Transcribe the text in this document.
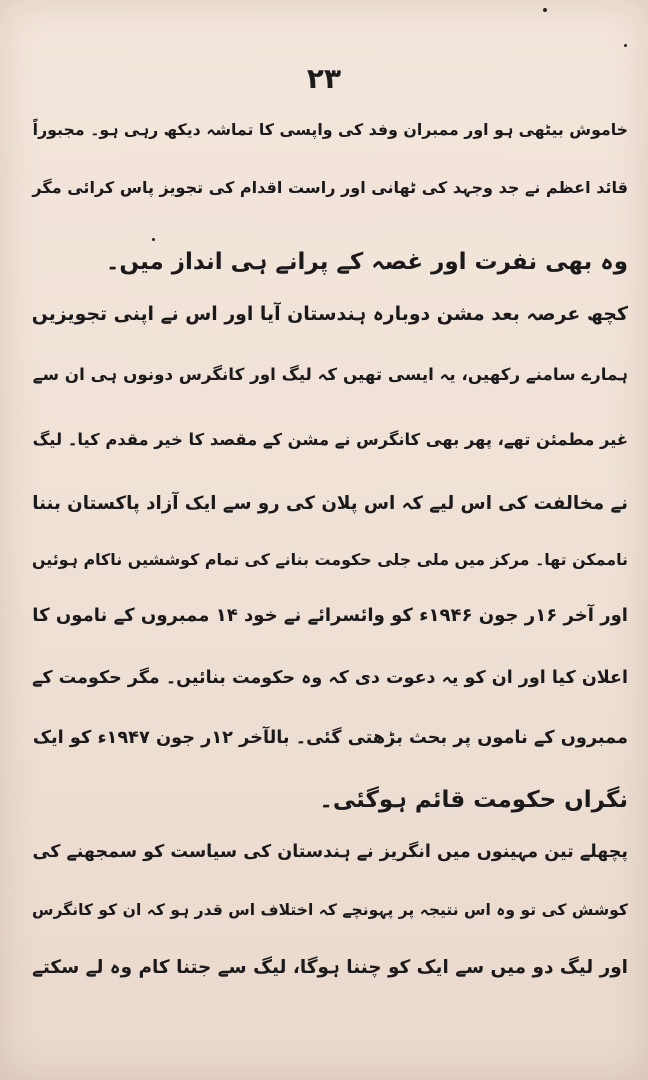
۲۳
خاموش بیٹھی ہو اور ممبران وفد کی واپسی کا تماشہ دیکھ رہی ہو۔ مجبوراً
قائد اعظم نے جد وجہد کی ٹھانی اور راست اقدام کی تجویز پاس کرائی مگر
وہ بھی نفرت اور غصہ کے پرانے ہی انداز میں۔
کچھ عرصہ بعد مشن دوبارہ ہندستان آیا اور اس نے اپنی تجویزیں
ہمارے سامنے رکھیں، یہ ایسی تھیں کہ لیگ اور کانگرس دونوں ہی ان سے
غیر مطمئن تھے، پھر بھی کانگرس نے مشن کے مقصد کا خیر مقدم کیا۔ لیگ
نے مخالفت کی اس لیے کہ اس پلان کی رو سے ایک آزاد پاکستان بننا
ناممکن تھا۔ مرکز میں ملی جلی حکومت بنانے کی تمام کوششیں ناکام ہوئیں
اور آخر ۱۶ر جون ۱۹۴۶ء کو وائسرائے نے خود ۱۴ ممبروں کے ناموں کا
اعلان کیا اور ان کو یہ دعوت دی کہ وہ حکومت بنائیں۔ مگر حکومت کے
ممبروں کے ناموں پر بحث بڑھتی گئی۔ بالآخر ۱۲ر جون ۱۹۴۷ء کو ایک
نگراں حکومت قائم ہوگئی۔
پچھلے تین مہینوں میں انگریز نے ہندستان کی سیاست کو سمجھنے کی
کوشش کی تو وہ اس نتیجہ پر پہونچے کہ اختلاف اس قدر ہو کہ ان کو کانگرس
اور لیگ دو میں سے ایک کو چننا ہوگا، لیگ سے جتنا کام وہ لے سکتے
